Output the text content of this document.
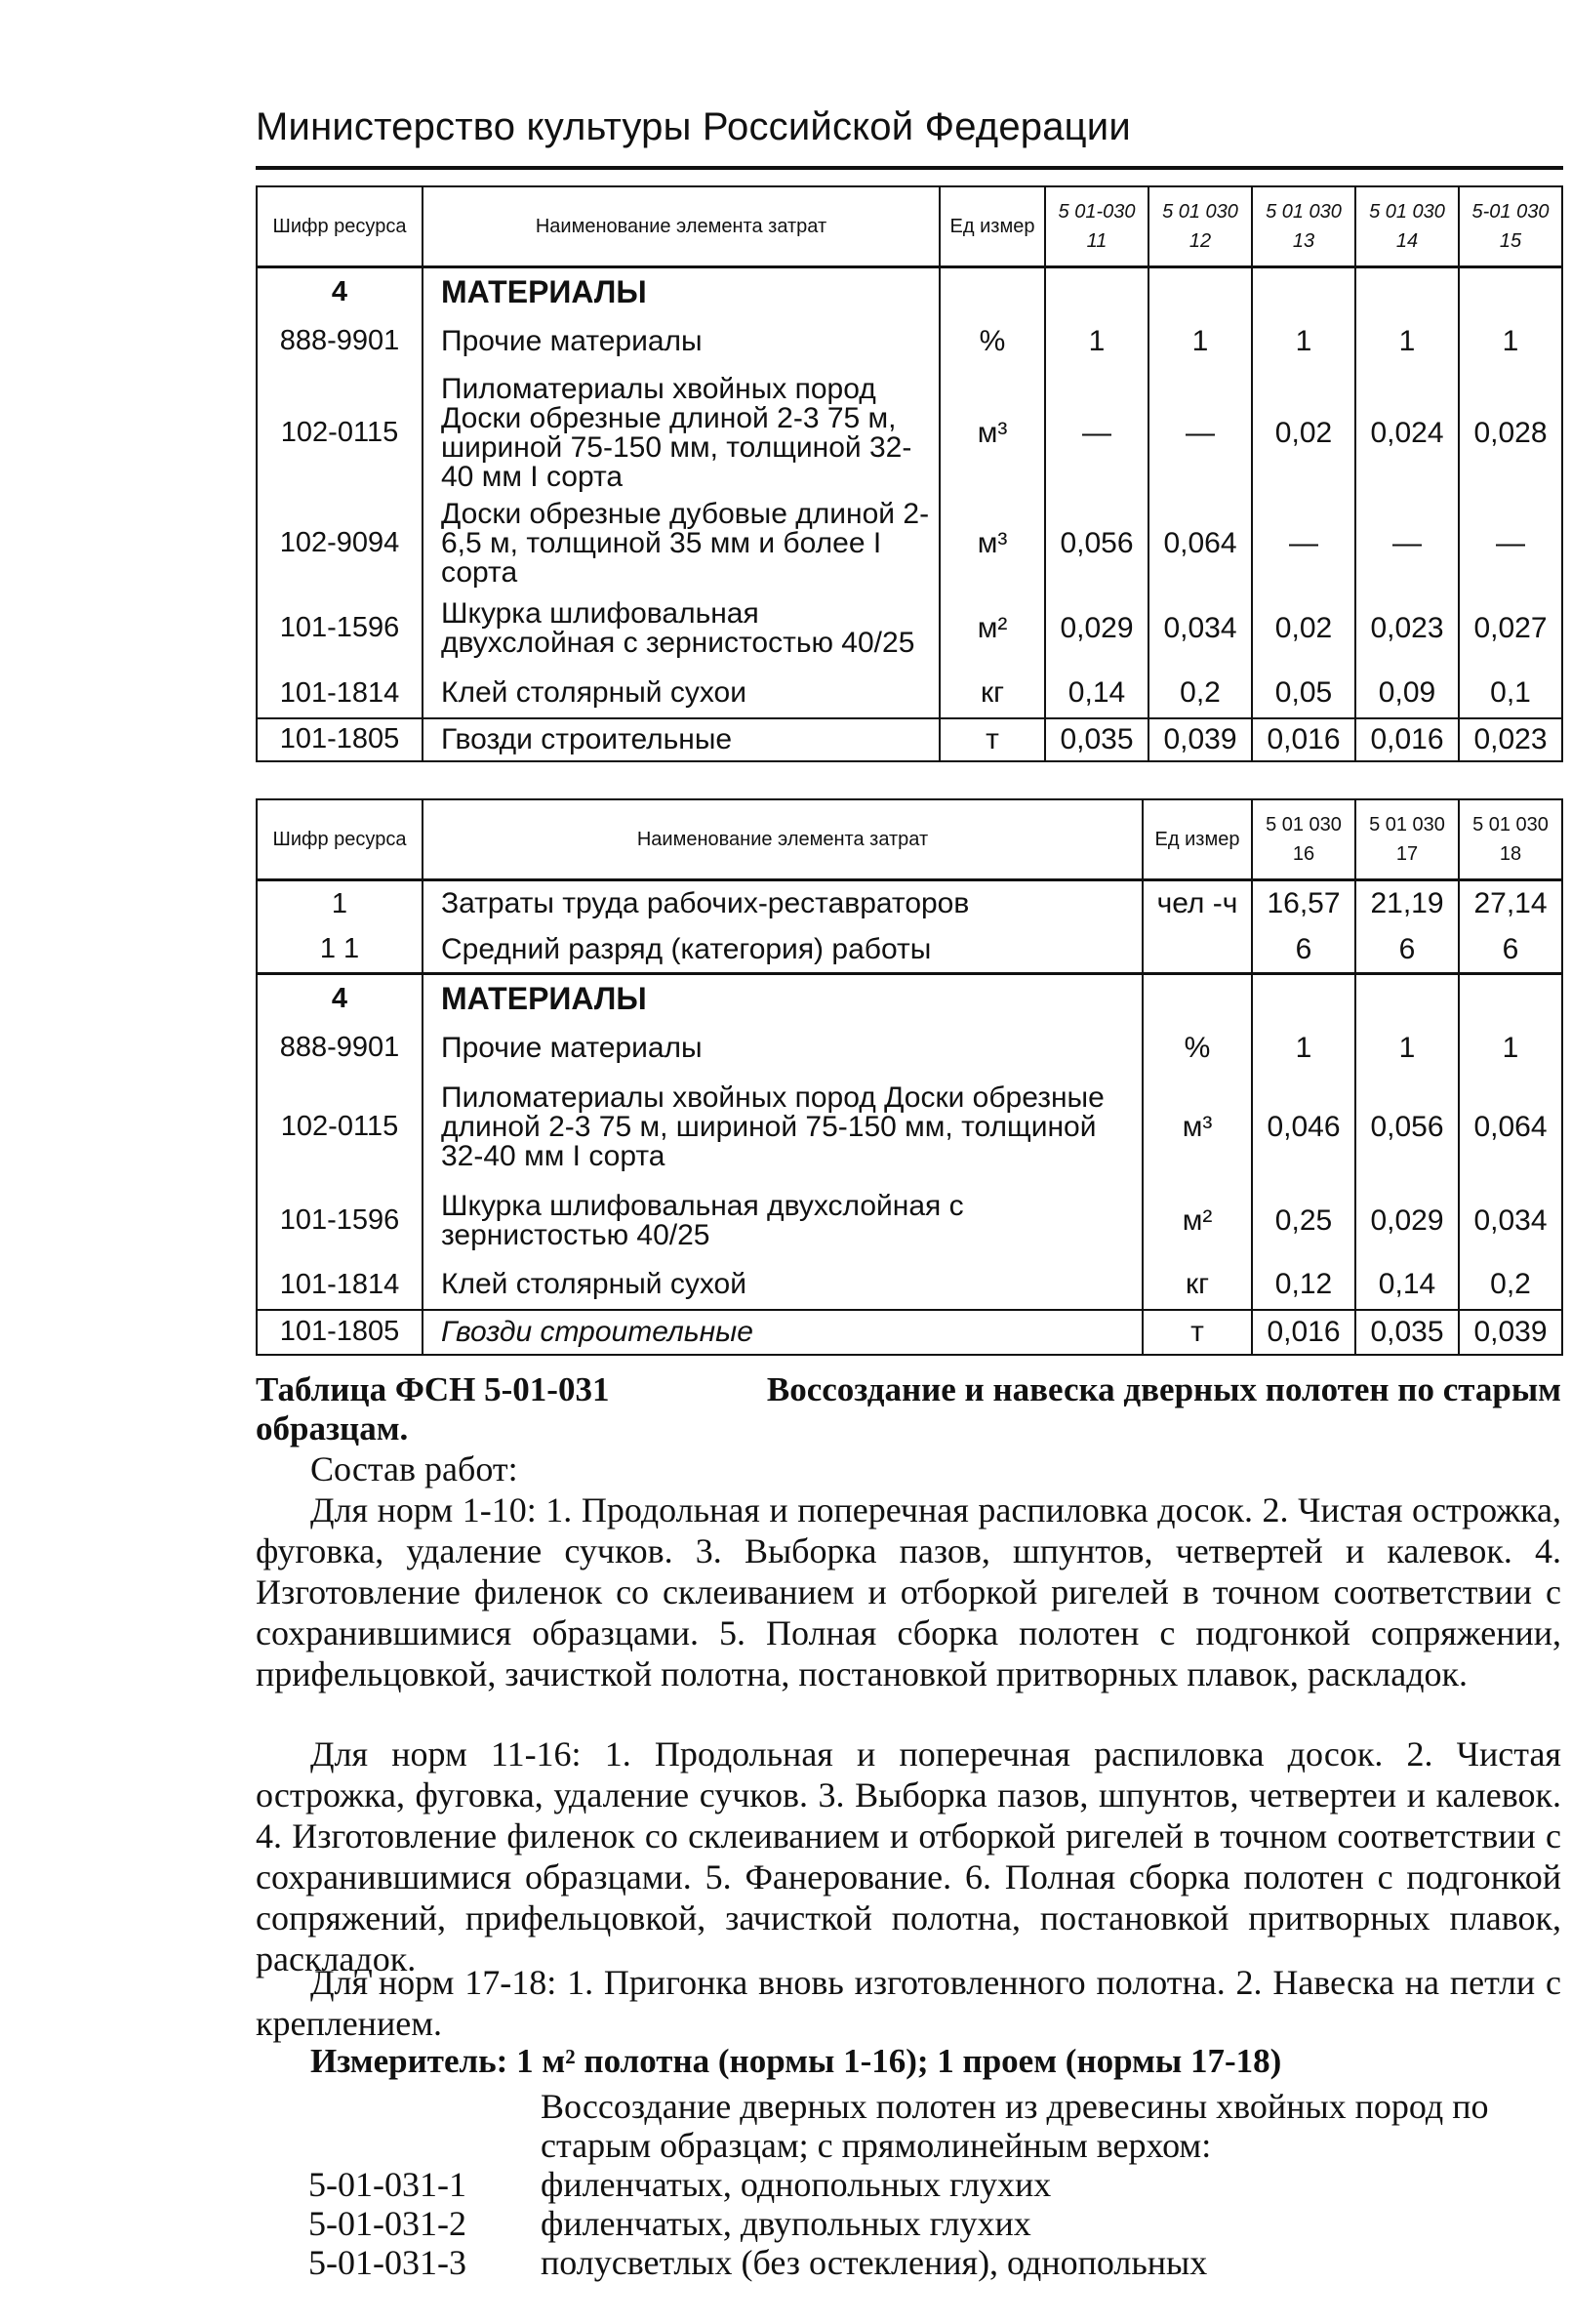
Министерство культуры Российской Федерации
Шифр ресурса	Наименование элемента затрат	Ед измер	5 01-030 11	5 01 030 12	5 01 030 13	5 01 030 14	5-01 030 15
4	МАТЕРИАЛЫ						
888-9901	Прочие материалы	%	1	1	1	1	1
102-0115	Пиломатериалы хвойных пород Доски обрезные длиной 2-3 75 м, шириной 75-150 мм, толщиной 32-40 мм I сорта	м³	—	—	0,02	0,024	0,028
102-9094	Доски обрезные дубовые длиной 2-6,5 м, толщиной 35 мм и более I сорта	м³	0,056	0,064	—	—	—
101-1596	Шкурка шлифовальная двухслойная с зернистостью 40/25	м²	0,029	0,034	0,02	0,023	0,027
101-1814	Клей столярный сухои	кг	0,14	0,2	0,05	0,09	0,1
101-1805	Гвозди строительные	т	0,035	0,039	0,016	0,016	0,023
Шифр ресурса	Наименование элемента затрат	Ед измер	5 01 030 16	5 01 030 17	5 01 030 18
1	Затраты труда рабочих-реставраторов	чел -ч	16,57	21,19	27,14
1 1	Средний разряд (категория) работы		6	6	6
4	МАТЕРИАЛЫ				
888-9901	Прочие материалы	%	1	1	1
102-0115	Пиломатериалы хвойных пород Доски обрезные длиной 2-3 75 м, шириной 75-150 мм, толщиной 32-40 мм I сорта	м³	0,046	0,056	0,064
101-1596	Шкурка шлифовальная двухслойная с зернистостью 40/25	м²	0,25	0,029	0,034
101-1814	Клей столярный сухой	кг	0,12	0,14	0,2
101-1805	Гвозди строительные	т	0,016	0,035	0,039
Таблица ФСН 5-01-031	Воссоздание и навеска дверных полотен по старым
образцам.
Состав работ:
Для норм 1-10: 1. Продольная и поперечная распиловка досок. 2. Чистая острожка, фуговка, удаление сучков. 3. Выборка пазов, шпунтов, четвертей и калевок. 4. Изготовление филенок со склеиванием и отборкой ригелей в точном соответствии с сохранившимися образцами. 5. Полная сборка полотен с подгонкой сопряжении, прифельцовкой, зачисткой полотна, постановкой притворных плавок, раскладок.
Для норм 11-16: 1. Продольная и поперечная распиловка досок. 2. Чистая острожка, фуговка, удаление сучков. 3. Выборка пазов, шпунтов, четвертеи и калевок. 4. Изготовление филенок со склеиванием и отборкой ригелей в точном соответствии с сохранившимися образцами. 5. Фанерование. 6. Полная сборка полотен с подгонкой сопряжений, прифельцовкой, зачисткой полотна, постановкой притворных плавок, раскладок.
Для норм 17-18: 1. Пригонка вновь изготовленного полотна. 2. Навеска на петли с креплением.
Измеритель: 1 м² полотна (нормы 1-16); 1 проем (нормы 17-18)
Воссоздание дверных полотен из древесины хвойных пород по старым образцам; с прямолинейным верхом:
5-01-031-1	филенчатых, однопольных глухих
5-01-031-2	филенчатых, двупольных глухих
5-01-031-3	полусветлых (без остекления), однопольных
